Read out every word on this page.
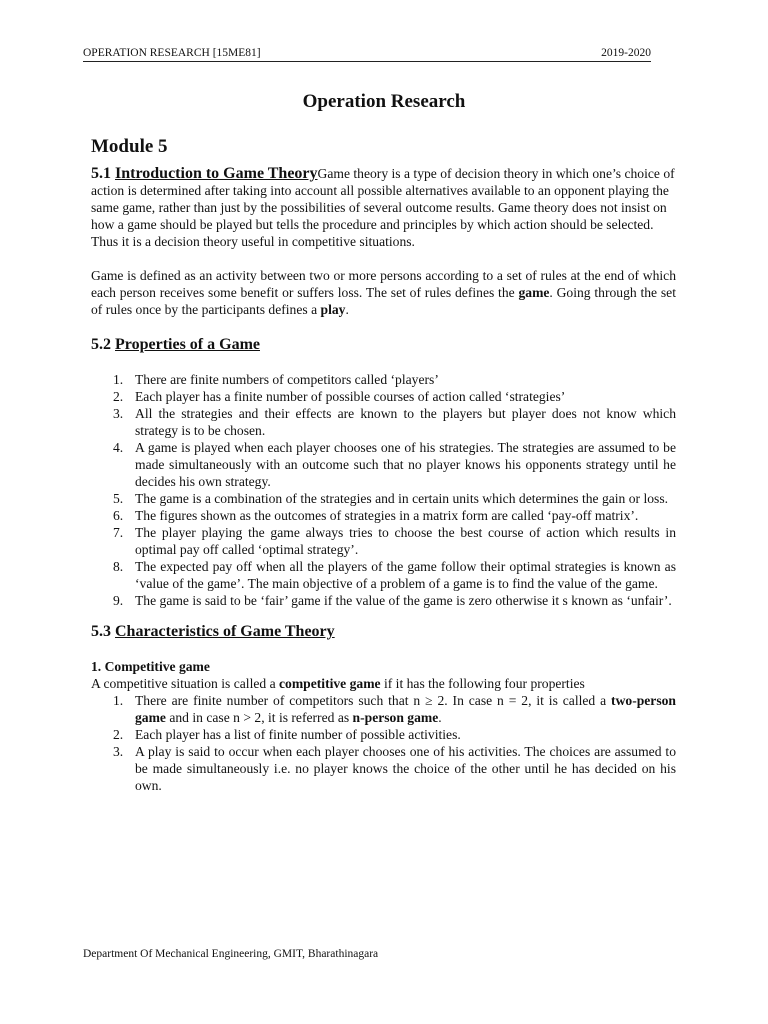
OPERATION RESEARCH [15ME81]	2019-2020
Operation Research
Module 5

5.1 Introduction to Game TheoryGame theory is a type of decision theory in which one’s choice of action is determined after taking into account all possible alternatives available to an opponent playing the same game, rather than just by the possibilities of several outcome results. Game theory does not insist on how a game should be played but tells the procedure and principles by which action should be selected. Thus it is a decision theory useful in competitive situations.

Game is defined as an activity between two or more persons according to a set of rules at the end of which each person receives some benefit or suffers loss. The set of rules defines the game. Going through the set of rules once by the participants defines a play.

5.2 Properties of a Game
1. There are finite numbers of competitors called ‘players’
2. Each player has a finite number of possible courses of action called ‘strategies’
3. All the strategies and their effects are known to the players but player does not know which strategy is to be chosen.
4. A game is played when each player chooses one of his strategies. The strategies are assumed to be made simultaneously with an outcome such that no player knows his opponents strategy until he decides his own strategy.
5. The game is a combination of the strategies and in certain units which determines the gain or loss.
6. The figures shown as the outcomes of strategies in a matrix form are called ‘pay-off matrix’.
7. The player playing the game always tries to choose the best course of action which results in optimal pay off called ‘optimal strategy’.
8. The expected pay off when all the players of the game follow their optimal strategies is known as ‘value of the game’. The main objective of a problem of a game is to find the value of the game.
9. The game is said to be ‘fair’ game if the value of the game is zero otherwise it s known as ‘unfair’.
5.3 Characteristics of Game Theory
1. Competitive game

A competitive situation is called a competitive game if it has the following four properties

1. There are finite number of competitors such that n ≥ 2. In case n = 2, it is called a two-person game and in case n > 2, it is referred as n-person game.
2. Each player has a list of finite number of possible activities.
3. A play is said to occur when each player chooses one of his activities. The choices are assumed to be made simultaneously i.e. no player knows the choice of the other until he has decided on his own.
Department Of Mechanical Engineering, GMIT, Bharathinagara
